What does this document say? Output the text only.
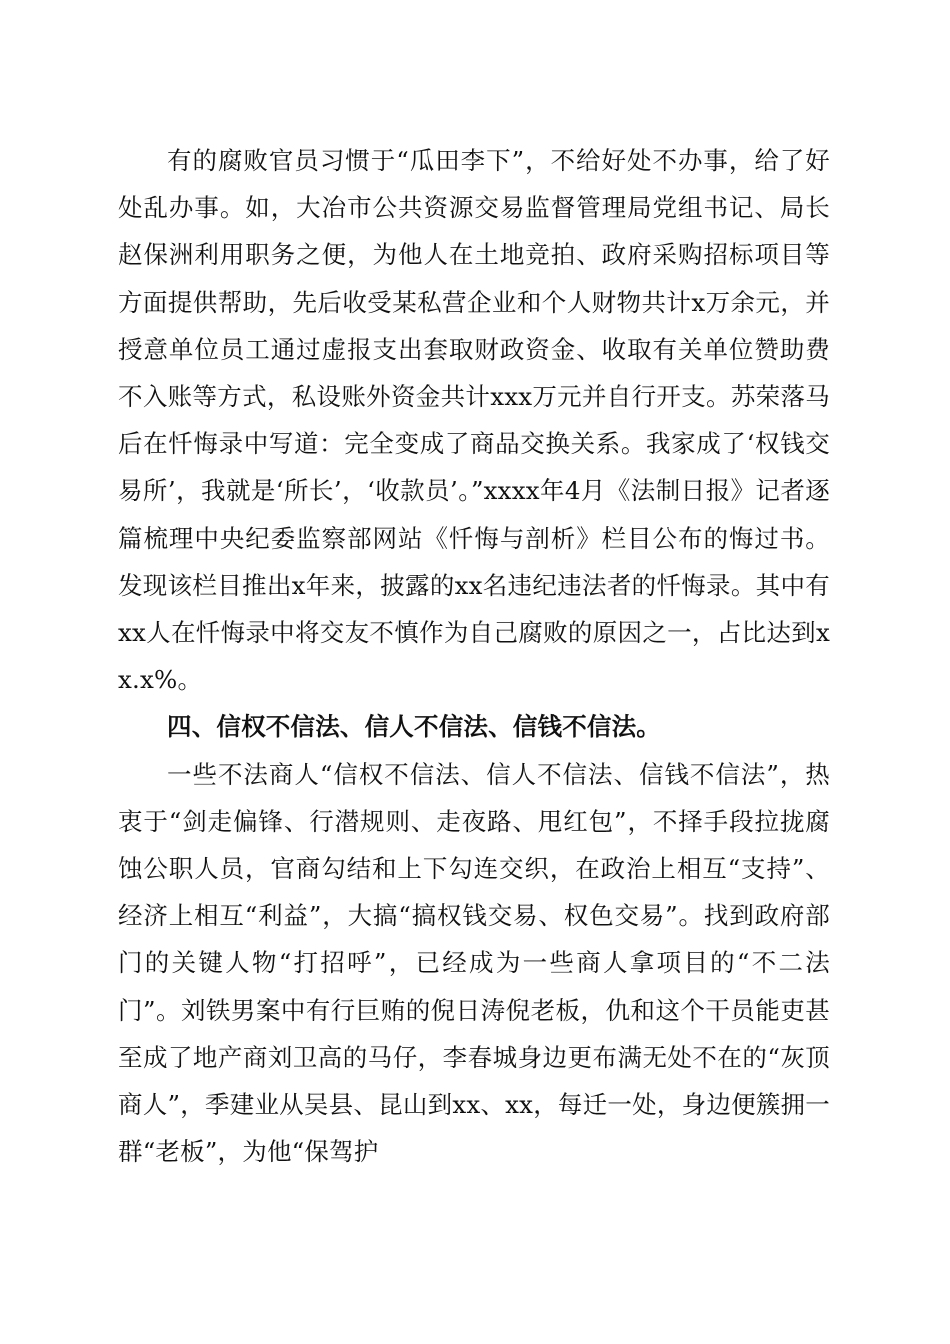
有的腐败官员习惯于“瓜田李下”，不给好处不办事，给了好处乱办事。如，大冶市公共资源交易监督管理局党组书记、局长赵保洲利用职务之便，为他人在土地竞拍、政府采购招标项目等方面提供帮助，先后收受某私营企业和个人财物共计x万余元，并授意单位员工通过虚报支出套取财政资金、收取有关单位赞助费不入账等方式，私设账外资金共计xxx万元并自行开支。苏荣落马后在忏悔录中写道：完全变成了商品交换关系。我家成了‘权钱交易所’，我就是‘所长’，‘收款员’。”xxxx年4月《法制日报》记者逐篇梳理中央纪委监察部网站《忏悔与剖析》栏目公布的悔过书。发现该栏目推出x年来，披露的xx名违纪违法者的忏悔录。其中有xx人在忏悔录中将交友不慎作为自己腐败的原因之一，占比达到xx.x%。

四、信权不信法、信人不信法、信钱不信法。

一些不法商人“信权不信法、信人不信法、信钱不信法”，热衷于“剑走偏锋、行潜规则、走夜路、甩红包”，不择手段拉拢腐蚀公职人员，官商勾结和上下勾连交织，在政治上相互“支持”、经济上相互“利益”，大搞“搞权钱交易、权色交易”。找到政府部门的关键人物“打招呼”，已经成为一些商人拿项目的“不二法门”。刘铁男案中有行巨贿的倪日涛倪老板，仇和这个干员能吏甚至成了地产商刘卫高的马仔，李春城身边更布满无处不在的“灰顶商人”，季建业从吴县、昆山到xx、xx，每迁一处，身边便簇拥一群“老板”，为他“保驾护
